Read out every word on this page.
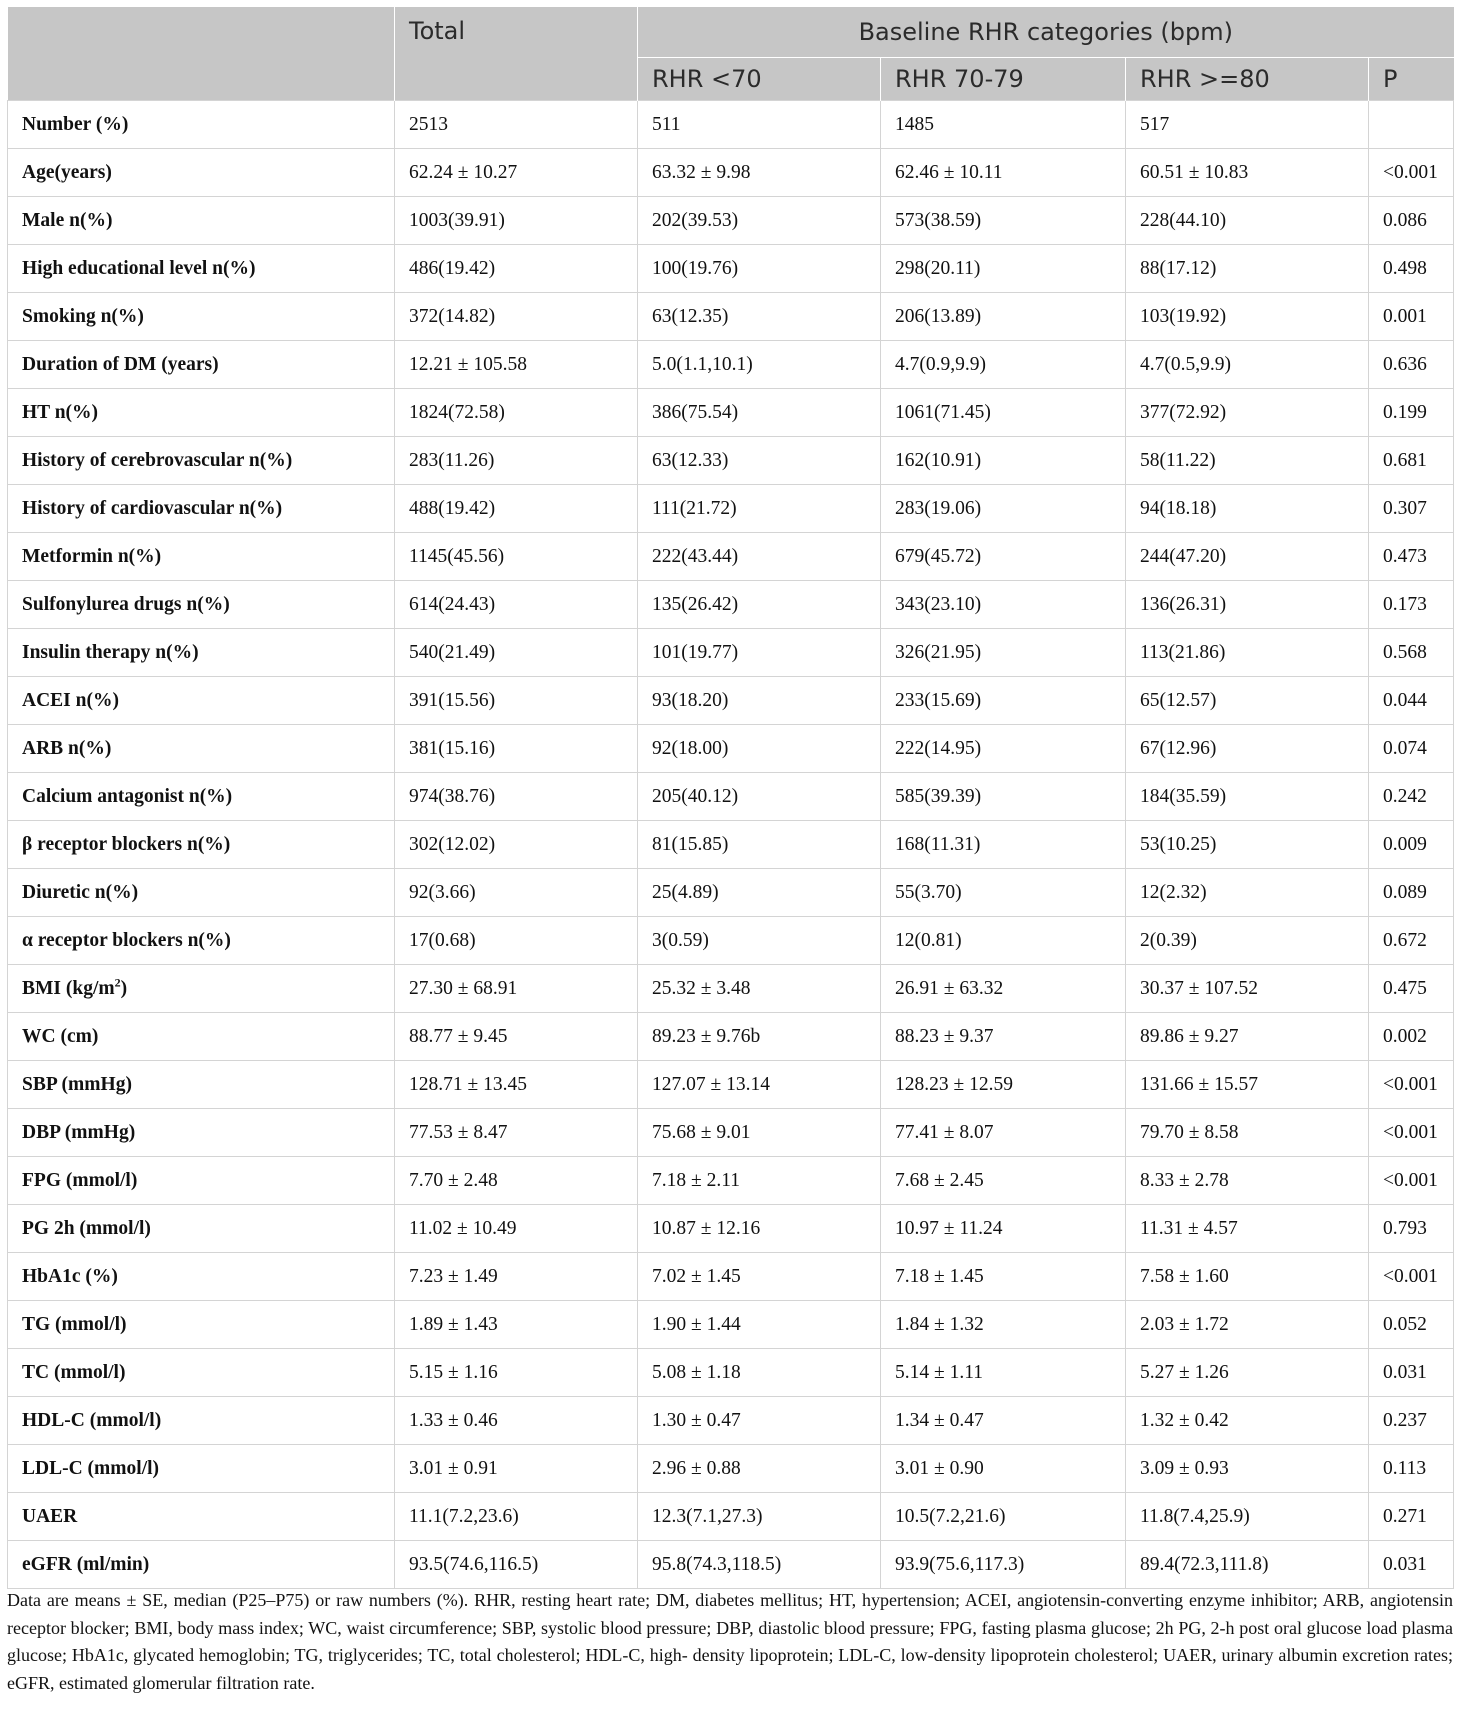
	Total	Baseline RHR categories (bpm)			
		RHR <70	RHR 70-79	RHR >=80	P
Number (%)	2513	511	1485	517	
Age(years)	62.24 ± 10.27	63.32 ± 9.98	62.46 ± 10.11	60.51 ± 10.83	<0.001
Male n(%)	1003(39.91)	202(39.53)	573(38.59)	228(44.10)	0.086
High educational level n(%)	486(19.42)	100(19.76)	298(20.11)	88(17.12)	0.498
Smoking n(%)	372(14.82)	63(12.35)	206(13.89)	103(19.92)	0.001
Duration of DM (years)	12.21 ± 105.58	5.0(1.1,10.1)	4.7(0.9,9.9)	4.7(0.5,9.9)	0.636
HT n(%)	1824(72.58)	386(75.54)	1061(71.45)	377(72.92)	0.199
History of cerebrovascular n(%)	283(11.26)	63(12.33)	162(10.91)	58(11.22)	0.681
History of cardiovascular n(%)	488(19.42)	111(21.72)	283(19.06)	94(18.18)	0.307
Metformin n(%)	1145(45.56)	222(43.44)	679(45.72)	244(47.20)	0.473
Sulfonylurea drugs n(%)	614(24.43)	135(26.42)	343(23.10)	136(26.31)	0.173
Insulin therapy n(%)	540(21.49)	101(19.77)	326(21.95)	113(21.86)	0.568
ACEI n(%)	391(15.56)	93(18.20)	233(15.69)	65(12.57)	0.044
ARB n(%)	381(15.16)	92(18.00)	222(14.95)	67(12.96)	0.074
Calcium antagonist n(%)	974(38.76)	205(40.12)	585(39.39)	184(35.59)	0.242
β receptor blockers n(%)	302(12.02)	81(15.85)	168(11.31)	53(10.25)	0.009
Diuretic n(%)	92(3.66)	25(4.89)	55(3.70)	12(2.32)	0.089
α receptor blockers n(%)	17(0.68)	3(0.59)	12(0.81)	2(0.39)	0.672
BMI $(kg/m^2)$	27.30 ± 68.91	25.32 ± 3.48	26.91 ± 63.32	30.37 ± 107.52	0.475
WC (cm)	88.77 ± 9.45	89.23 ± 9.76b	88.23 ± 9.37	89.86 ± 9.27	0.002
SBP (mmHg)	128.71 ± 13.45	127.07 ± 13.14	128.23 ± 12.59	131.66 ± 15.57	<0.001
DBP (mmHg)	77.53 ± 8.47	75.68 ± 9.01	77.41 ± 8.07	79.70 ± 8.58	<0.001
FPG (mmol/l)	7.70 ± 2.48	7.18 ± 2.11	7.68 ± 2.45	8.33 ± 2.78	<0.001
PG 2h (mmol/l)	11.02 ± 10.49	10.87 ± 12.16	10.97 ± 11.24	11.31 ± 4.57	0.793
HbA1c (%)	7.23 ± 1.49	7.02 ± 1.45	7.18 ± 1.45	7.58 ± 1.60	<0.001
TG (mmol/l)	1.89 ± 1.43	1.90 ± 1.44	1.84 ± 1.32	2.03 ± 1.72	0.052
TC (mmol/l)	5.15 ± 1.16	5.08 ± 1.18	5.14 ± 1.11	5.27 ± 1.26	0.031
HDL-C (mmol/l)	1.33 ± 0.46	1.30 ± 0.47	1.34 ± 0.47	1.32 ± 0.42	0.237
LDL-C (mmol/l)	3.01 ± 0.91	2.96 ± 0.88	3.01 ± 0.90	3.09 ± 0.93	0.113
UAER	11.1(7.2,23.6)	12.3(7.1,27.3)	10.5(7.2,21.6)	11.8(7.4,25.9)	0.271
eGFR (ml/min)	93.5(74.6,116.5)	95.8(74.3,118.5)	93.9(75.6,117.3)	89.4(72.3,111.8)	0.031
Data are means ± SE, median (P25–P75) or raw numbers (%). RHR, resting heart rate; DM, diabetes mellitus; HT, hypertension; ACEI, angiotensin-converting enzyme inhibitor; ARB, angiotensin receptor blocker; BMI, body mass index; WC, waist circumference; SBP, systolic blood pressure; DBP, diastolic blood pressure; FPG, fasting plasma glucose; 2h PG, 2-h post oral glucose load plasma glucose; HbA1c, glycated hemoglobin; TG, triglycerides; TC, total cholesterol; HDL-C, high- density lipoprotein; LDL-C, low-density lipoprotein cholesterol; UAER, urinary albumin excretion rates; eGFR, estimated glomerular filtration rate.
